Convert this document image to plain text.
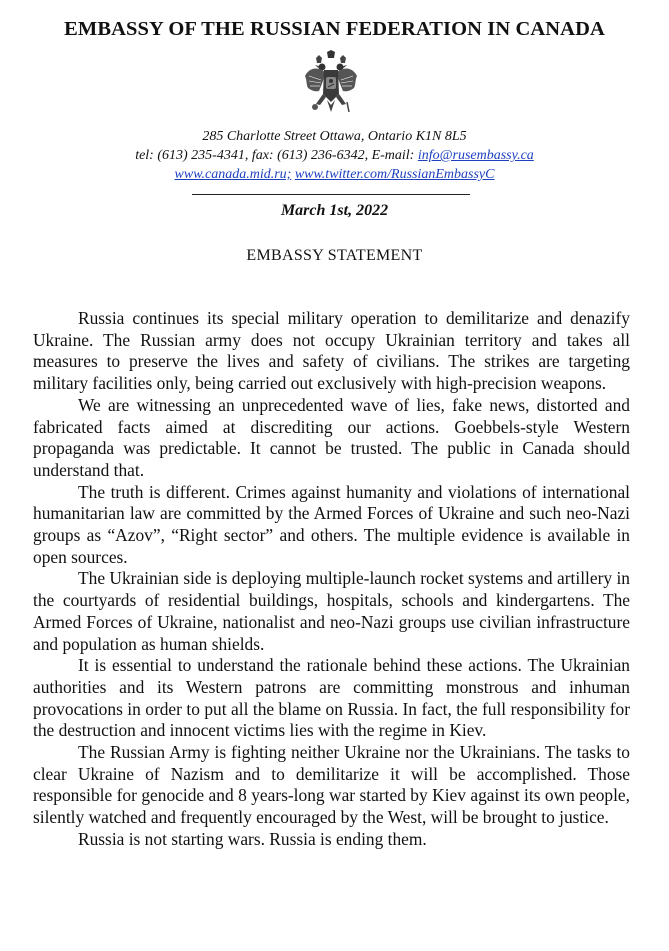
EMBASSY OF THE RUSSIAN FEDERATION IN CANADA
285 Charlotte Street Ottawa, Ontario K1N 8L5
tel: (613) 235-4341, fax: (613) 236-6342, E-mail: info@rusembassy.ca
www.canada.mid.ru; www.twitter.com/RussianEmbassyC
March 1st, 2022
EMBASSY STATEMENT

Russia continues its special military operation to demilitarize and denazify Ukraine. The Russian army does not occupy Ukrainian territory and takes all measures to preserve the lives and safety of civilians. The strikes are targeting military facilities only, being carried out exclusively with high-precision weapons.

We are witnessing an unprecedented wave of lies, fake news, distorted and fabricated facts aimed at discrediting our actions. Goebbels-style Western propaganda was predictable. It cannot be trusted. The public in Canada should understand that.

The truth is different. Crimes against humanity and violations of international humanitarian law are committed by the Armed Forces of Ukraine and such neo-Nazi groups as “Azov”, “Right sector” and others. The multiple evidence is available in open sources.

The Ukrainian side is deploying multiple-launch rocket systems and artillery in the courtyards of residential buildings, hospitals, schools and kindergartens. The Armed Forces of Ukraine, nationalist and neo-Nazi groups use civilian infrastructure and population as human shields.

It is essential to understand the rationale behind these actions. The Ukrainian authorities and its Western patrons are committing monstrous and inhuman provocations in order to put all the blame on Russia. In fact, the full responsibility for the destruction and innocent victims lies with the regime in Kiev.

The Russian Army is fighting neither Ukraine nor the Ukrainians. The tasks to clear Ukraine of Nazism and to demilitarize it will be accomplished. Those responsible for genocide and 8 years-long war started by Kiev against its own people, silently watched and frequently encouraged by the West, will be brought to justice.

Russia is not starting wars. Russia is ending them.
